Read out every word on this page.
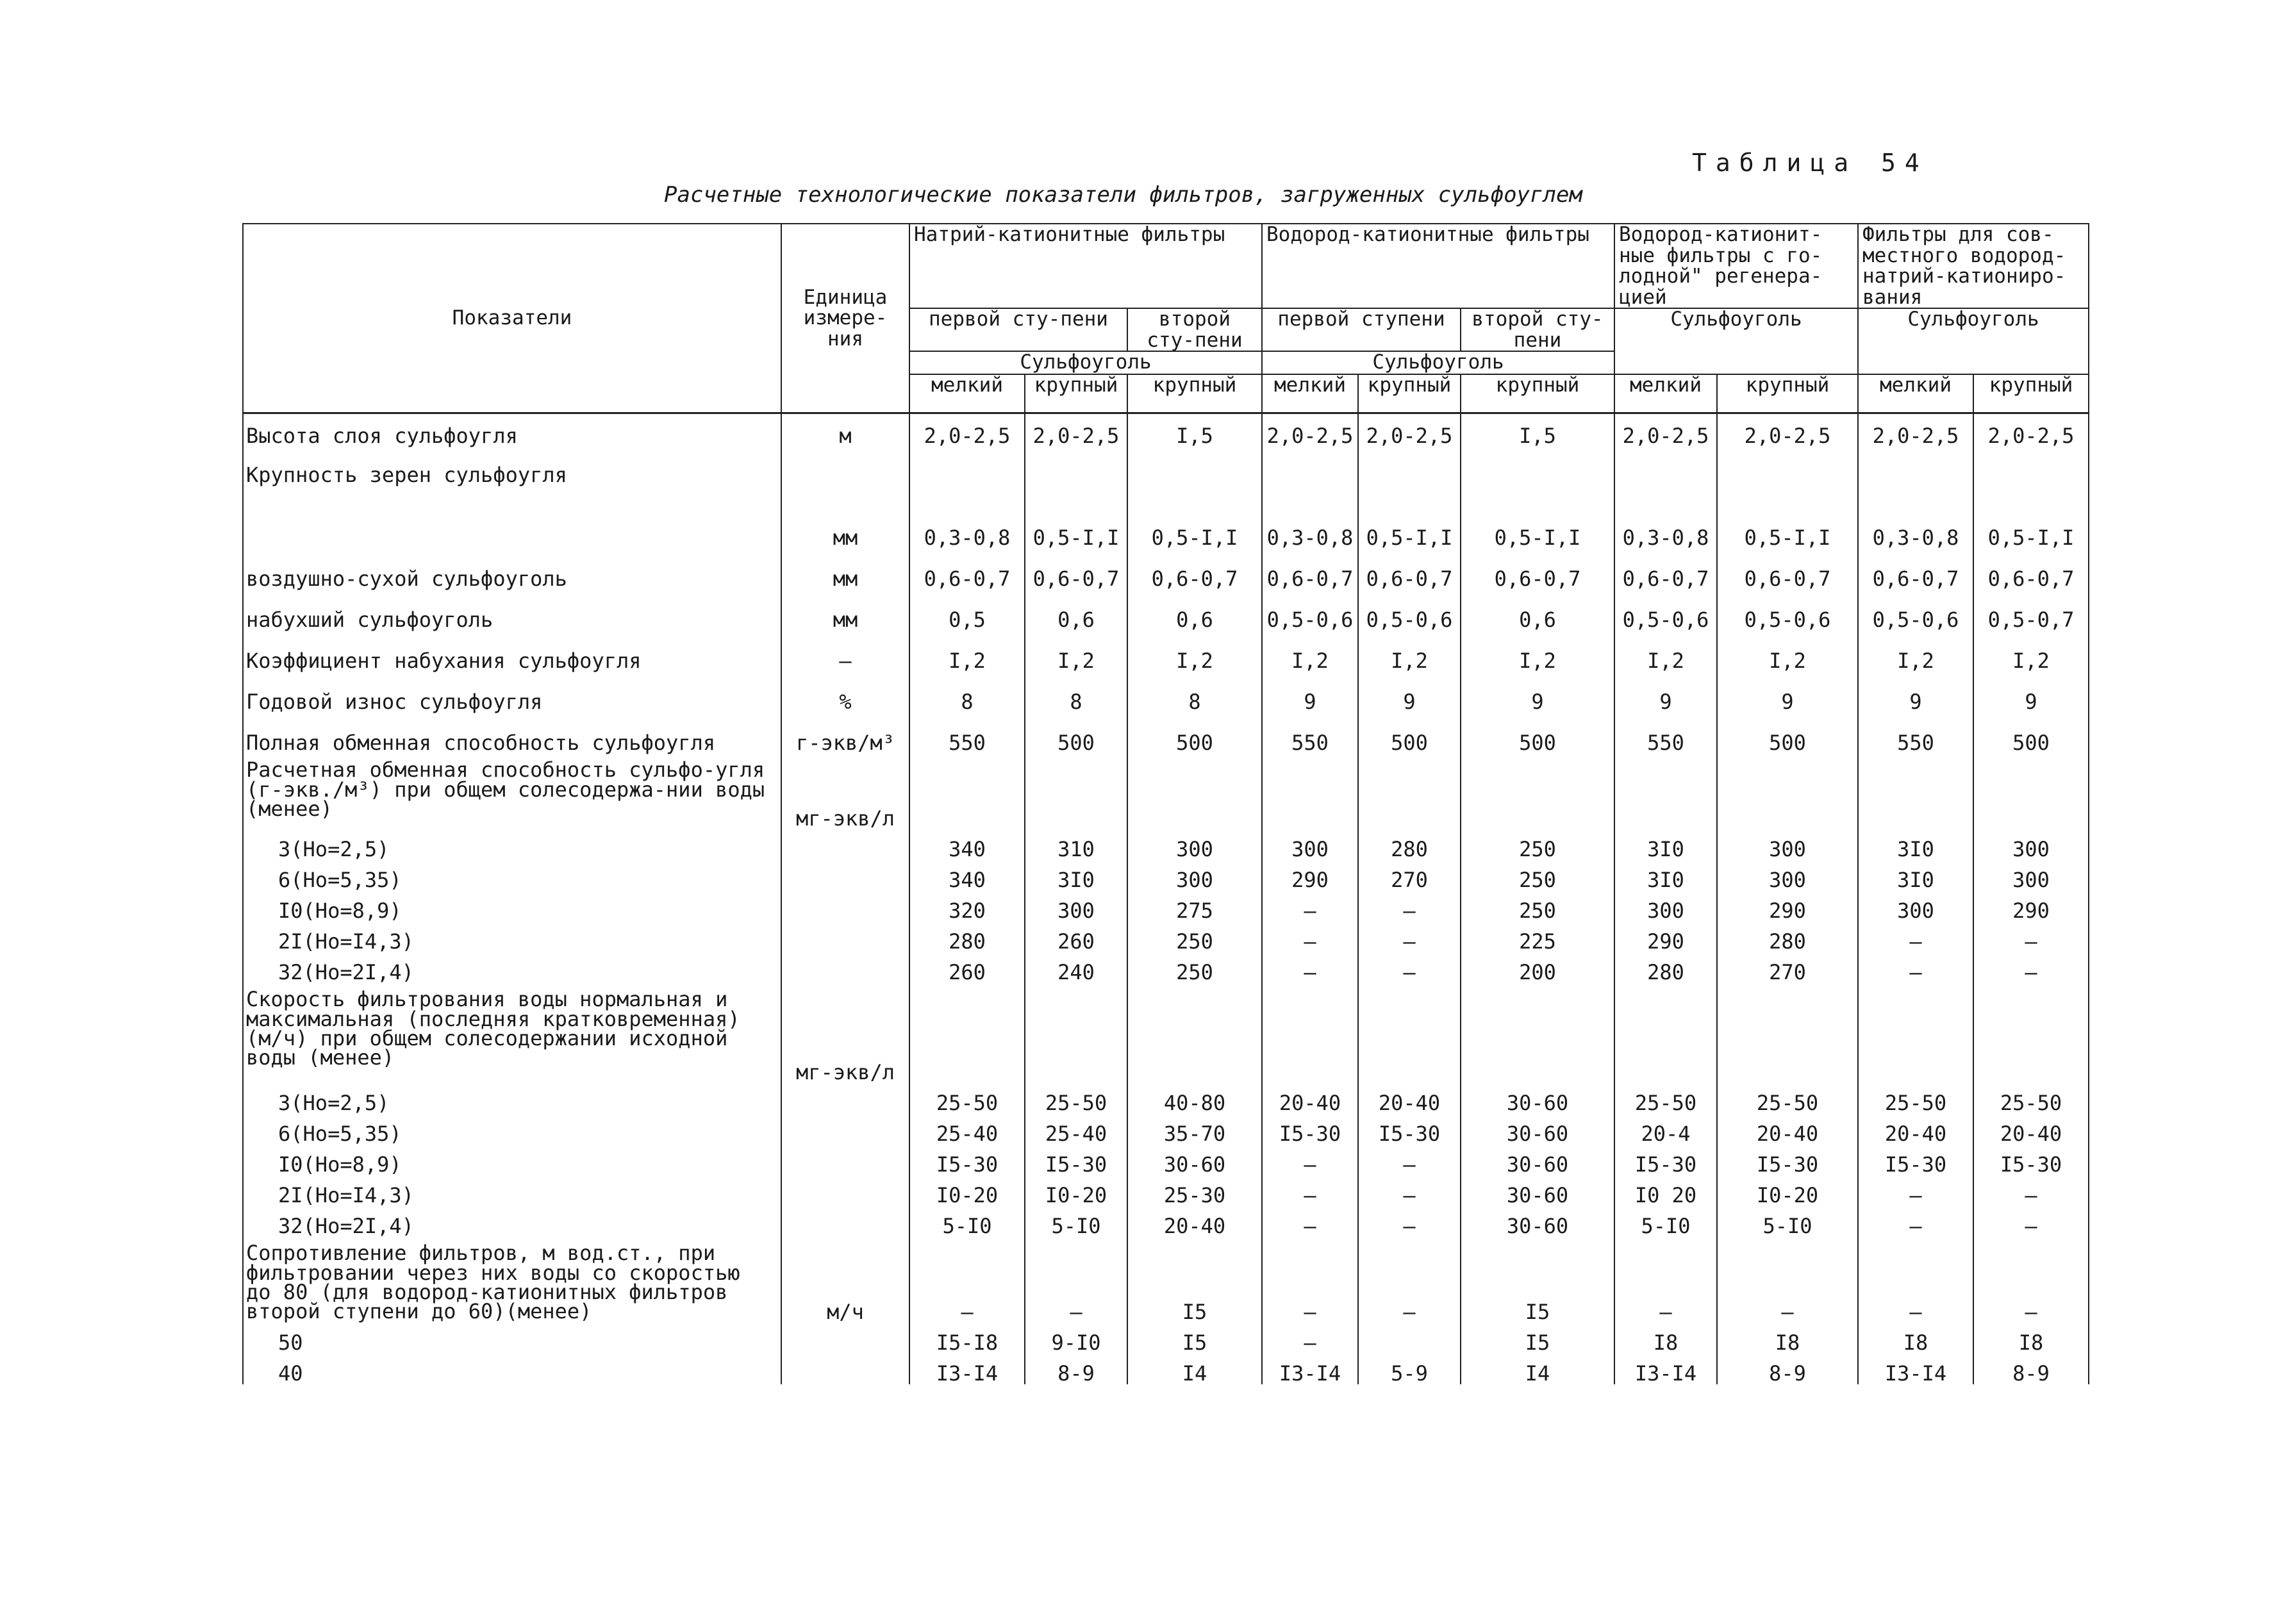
Таблица 54
Расчетные технологические показатели фильтров, загруженных сульфоуглем
Показатели	Единица измере-ния	Натрий-катионитные фильтры			Водород-катионитные фильтры			Водород-катионит-ные фильтры с го-лодной" регенера-цией		Фильтры для сов-местного водород-натрий-катиониро-вания	
		первой сту-пени		второй сту-пени	первой ступени		второй сту-пени	Сульфоуголь		Сульфоуголь	
		Сульфоуголь			Сульфоуголь						
		мелкий	крупный	крупный	мелкий	крупный	крупный	мелкий	крупный	мелкий	крупный
Высота слоя сульфоугля	м	2,0-2,5	2,0-2,5	I,5	2,0-2,5	2,0-2,5	I,5	2,0-2,5	2,0-2,5	2,0-2,5	2,0-2,5
Крупность зерен сульфоугля											
	мм	0,3-0,8	0,5-I,I	0,5-I,I	0,3-0,8	0,5-I,I	0,5-I,I	0,3-0,8	0,5-I,I	0,3-0,8	0,5-I,I
воздушно-сухой сульфоуголь	мм	0,6-0,7	0,6-0,7	0,6-0,7	0,6-0,7	0,6-0,7	0,6-0,7	0,6-0,7	0,6-0,7	0,6-0,7	0,6-0,7
набухший сульфоуголь	мм	0,5	0,6	0,6	0,5-0,6	0,5-0,6	0,6	0,5-0,6	0,5-0,6	0,5-0,6	0,5-0,7
Коэффициент набухания сульфоугля	–	I,2	I,2	I,2	I,2	I,2	I,2	I,2	I,2	I,2	I,2
Годовой износ сульфоугля	%	8	8	8	9	9	9	9	9	9	9
Полная обменная способность сульфоугля	г-экв/м³	550	500	500	550	500	500	550	500	550	500
Расчетная обменная способность сульфо-угля (г-экв./м³) при общем солесодержа-нии воды (менее)	мг-экв/л										
3(Но=2,5)		340	310	300	300	280	250	3I0	300	3I0	300
6(Но=5,35)		340	3I0	300	290	270	250	3I0	300	3I0	300
I0(Но=8,9)		320	300	275	–	–	250	300	290	300	290
2I(Но=I4,3)		280	260	250	–	–	225	290	280	–	–
32(Но=2I,4)		260	240	250	–	–	200	280	270	–	–
Скорость фильтрования воды нормальная и максимальная (последняя кратковременная) (м/ч) при общем солесодержании исходной воды (менее)	мг-экв/л										
3(Но=2,5)		25-50	25-50	40-80	20-40	20-40	30-60	25-50	25-50	25-50	25-50
6(Но=5,35)		25-40	25-40	35-70	I5-30	I5-30	30-60	20-4	20-40	20-40	20-40
I0(Но=8,9)		I5-30	I5-30	30-60	–	–	30-60	I5-30	I5-30	I5-30	I5-30
2I(Но=I4,3)		I0-20	I0-20	25-30	–	–	30-60	I0 20	I0-20	–	–
32(Но=2I,4)		5-I0	5-I0	20-40	–	–	30-60	5-I0	5-I0	–	–
Сопротивление фильтров, м вод.ст., при фильтровании через них воды со скоростью до 80 (для водород-катионитных фильтров второй ступени до 60)(менее)	м/ч	–	–	I5	–	–	I5	–	–	–	–
50		I5-I8	9-I0	I5	–		I5	I8	I8	I8	I8
40		I3-I4	8-9	I4	I3-I4	5-9	I4	I3-I4	8-9	I3-I4	8-9
